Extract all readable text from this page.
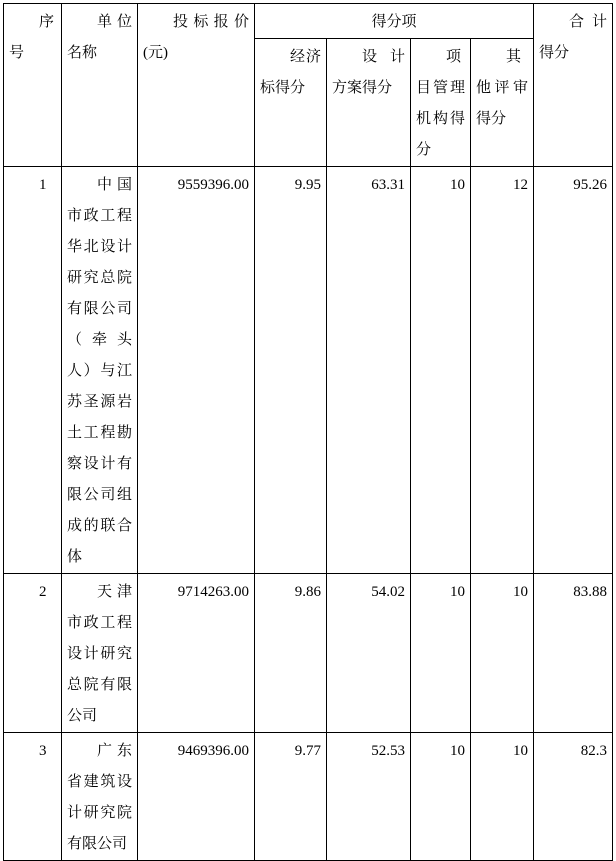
序号	单位名称	投标报价(元)	得分项				合计得分
			经济标得分	设计方案得分	项目管理机构得分	其他评审得分	
1	中国市政工程华北设计研究总院有限公司（牵头人）与江苏圣源岩土工程勘察设计有限公司组成的联合体	9559396.00	9.95	63.31	10	12	95.26
2	天津市政工程设计研究总院有限公司	9714263.00	9.86	54.02	10	10	83.88
3	广东省建筑设计研究院有限公司	9469396.00	9.77	52.53	10	10	82.3
